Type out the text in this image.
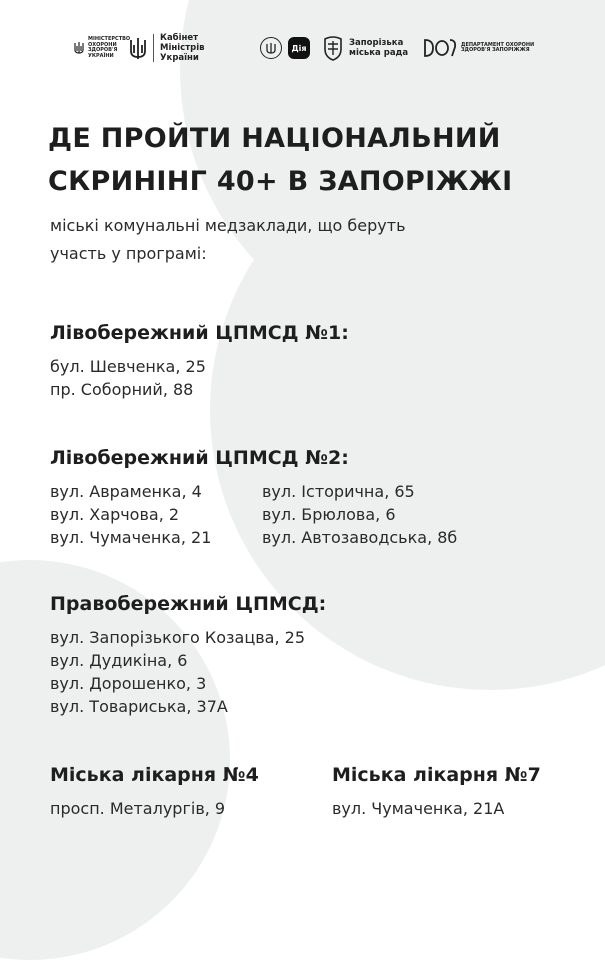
МІНІСТЕРСТВО ОХОРОНИ ЗДОРОВ'Я УКРАЇНИ
Кабінет Міністрів України
Дія	Запорізька міська рада
ДЕПАРТАМЕНТ ОХОРОНИ ЗДОРОВ'Я ЗАПОРІЖЖЯ
ДЕ ПРОЙТИ НАЦІОНАЛЬНИЙ
СКРИНІНГ 40+ В ЗАПОРІЖЖІ

міські комунальні медзаклади, що беруть
участь у програмі:

Лівобережний ЦПМСД №1:

бул. Шевченка, 25
пр. Соборний, 88

Лівобережний ЦПМСД №2:

вул. Авраменка, 4
вул. Харчова, 2
вул. Чумаченка, 21

вул. Історична, 65
вул. Брюлова, 6
вул. Автозаводська, 8б

Правобережний ЦПМСД:

вул. Запорізького Козацва, 25
вул. Дудикіна, 6
вул. Дорошенко, 3
вул. Товариська, 37А

Міська лікарня №4

просп. Металургів, 9

Міська лікарня №7

вул. Чумаченка, 21А
